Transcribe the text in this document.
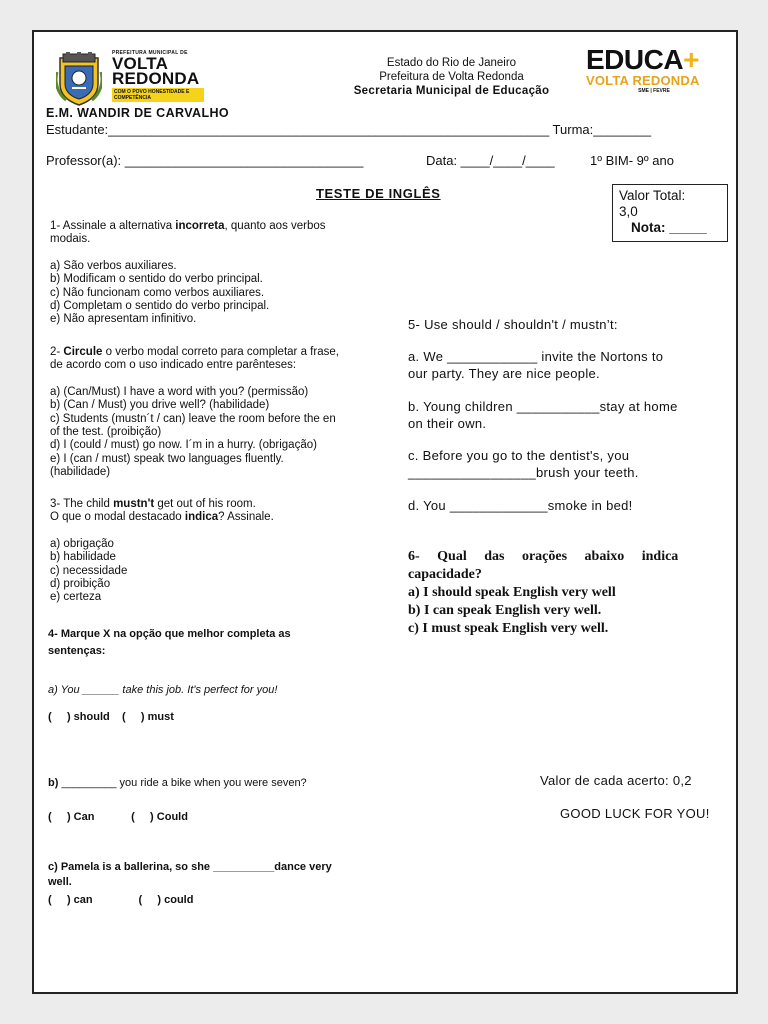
PREFEITURA MUNICIPAL DE
VOLTA
REDONDA
COM O POVO HONESTIDADE E COMPETÊNCIA
Estado do Rio de Janeiro
Prefeitura de Volta Redonda
Secretaria Municipal de Educação
EDUCA+
VOLTA REDONDA
SME | FEVRE
E.M. WANDIR DE CARVALHO
Estudante:_____________________________________________________________ Turma:________
Professor(a): _________________________________	Data: ____/____/____	1º BIM- 9º ano
TESTE DE INGLÊS	Valor Total:
3,0
Nota: _____
1- Assinale a alternativa incorreta, quanto aos verbos
modais.
a) São verbos auxiliares.
b) Modificam o sentido do verbo principal.
c) Não funcionam como verbos auxiliares.
d) Completam o sentido do verbo principal.
e) Não apresentam infinitivo.
2- Circule o verbo modal correto para completar a frase,
de acordo com o uso indicado entre parênteses:
a) (Can/Must) I have a word with you? (permissão)
b) (Can / Must) you drive well? (habilidade)
c) Students (mustn´t / can) leave the room before the en
of the test. (proibição)
d) I (could / must) go now. I´m in a hurry. (obrigação)
e) I (can / must) speak two languages fluently.
(habilidade)
3- The child mustn't get out of his room.
O que o modal destacado indica? Assinale.
a) obrigação
b) habilidade
c) necessidade
d) proibição
e) certeza
4- Marque X na opção que melhor completa as
sentenças:
a) You ______ take this job. It's perfect for you!
(     ) should    (     ) must
b) _________ you ride a bike when you were seven?
(     ) Can            (     ) Could
c) Pamela is a ballerina, so she __________dance very
well.
(     ) can               (     ) could
5- Use should / shouldn't / mustn’t:
a. We ____________ invite the Nortons to
our party. They are nice people.
b. Young children ___________stay at home
on their own.
c. Before you go to the dentist's, you
_________________brush your teeth.
d. You _____________smoke in bed!
6- Qual das orações abaixo indica
capacidade?
a) I should speak English very well
b) I can speak English very well.
c) I must speak English very well.
Valor de cada acerto: 0,2
GOOD LUCK FOR YOU!
